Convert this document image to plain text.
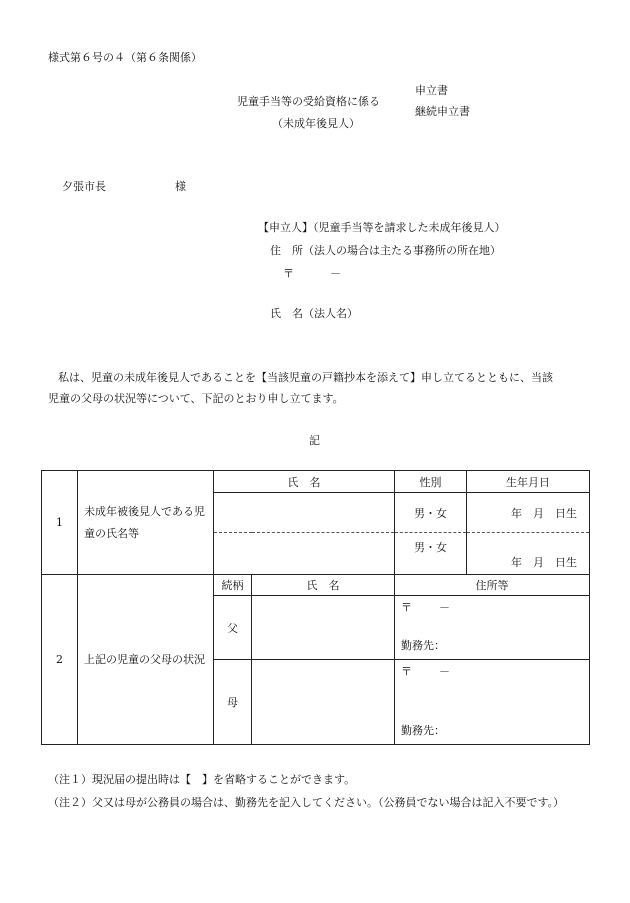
様式第６号の４（第６条関係）
児童手当等の受給資格に係る
（未成年後見人）
申立書
継続申立書
夕張市長	様
【申立人】（児童手当等を請求した未成年後見人）
住　所（法人の場合は主たる事務所の所在地）
〒	－
氏　名（法人名）
私は、児童の未成年後見人であることを【当該児童の戸籍抄本を添えて】申し立てるとともに、当該
児童の父母の状況等について、下記のとおり申し立てます。
記
1	未成年被後見人である児童の氏名等	氏　名		性別	生年月日
				男・女	年　月　日生
				男・女	年　月　日生
2	上記の児童の父母の状況	続柄	氏　名	住所等	
		父		〒 －
勤務先：	

		母		〒 －
勤務先：	
（注１）現況届の提出時は【　】を省略することができます。
（注２）父又は母が公務員の場合は、勤務先を記入してください。（公務員でない場合は記入不要です。）
